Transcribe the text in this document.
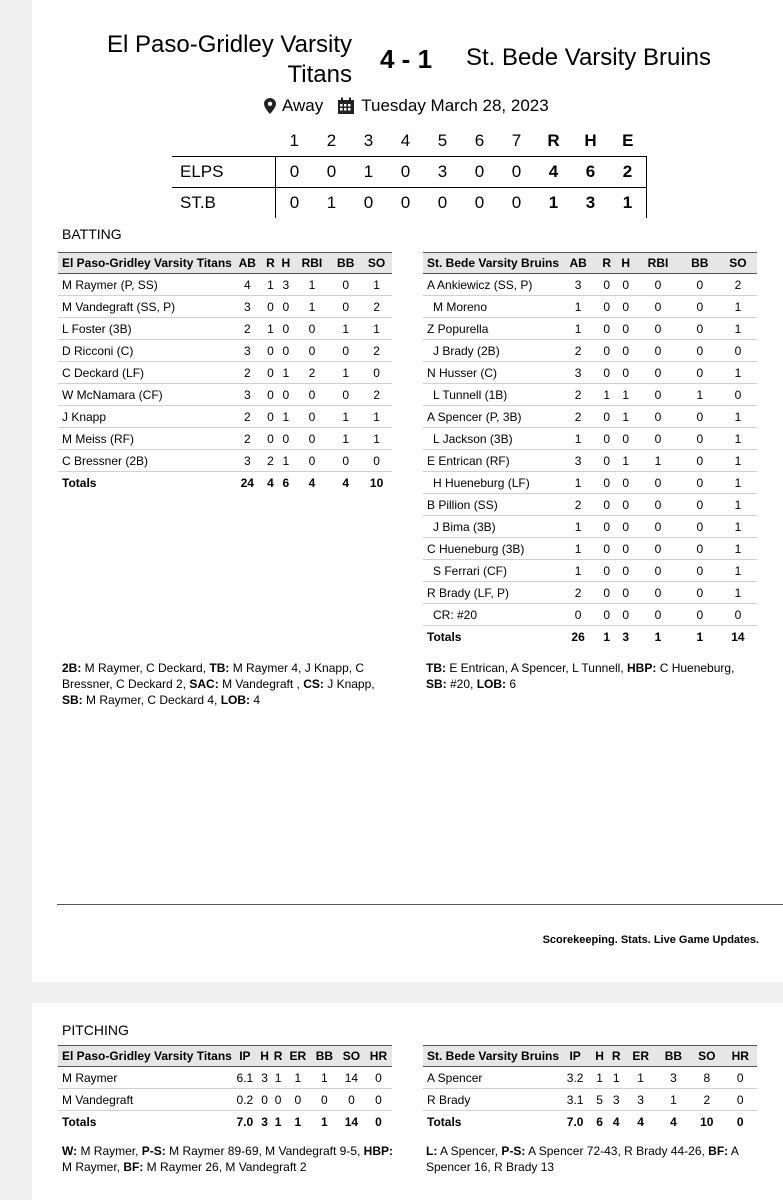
El Paso-Gridley Varsity
Titans
4 - 1 St. Bede Varsity Bruins
Away Tuesday March 28, 2023
	1	2	3	4	5	6	7	R	H	E
ELPS	0	0	1	0	3	0	0	4	6	2
ST.B	0	1	0	0	0	0	0	1	3	1
BATTING
El Paso-Gridley Varsity Titans	AB	R	H	RBI	BB	SO
M Raymer (P, SS)	4	1	3	1	0	1
M Vandegraft (SS, P)	3	0	0	1	0	2
L Foster (3B)	2	1	0	0	1	1
D Ricconi (C)	3	0	0	0	0	2
C Deckard (LF)	2	0	1	2	1	0
W McNamara (CF)	3	0	0	0	0	2
J Knapp	2	0	1	0	1	1
M Meiss (RF)	2	0	0	0	1	1
C Bressner (2B)	3	2	1	0	0	0
Totals	24	4	6	4	4	10
St. Bede Varsity Bruins	AB	R	H	RBI	BB	SO
A Ankiewicz (SS, P)	3	0	0	0	0	2
M Moreno	1	0	0	0	0	1
Z Popurella	1	0	0	0	0	1
J Brady (2B)	2	0	0	0	0	0
N Husser (C)	3	0	0	0	0	1
L Tunnell (1B)	2	1	1	0	1	0
A Spencer (P, 3B)	2	0	1	0	0	1
L Jackson (3B)	1	0	0	0	0	1
E Entrican (RF)	3	0	1	1	0	1
H Hueneburg (LF)	1	0	0	0	0	1
B Pillion (SS)	2	0	0	0	0	1
J Bima (3B)	1	0	0	0	0	1
C Hueneburg (3B)	1	0	0	0	0	1
S Ferrari (CF)	1	0	0	0	0	1
R Brady (LF, P)	2	0	0	0	0	1
CR: #20	0	0	0	0	0	0
Totals	26	1	3	1	1	14
2B: M Raymer, C Deckard, TB: M Raymer 4, J Knapp, C Bressner, C Deckard 2, SAC: M Vandegraft , CS: J Knapp, SB: M Raymer, C Deckard 4, LOB: 4
TB: E Entrican, A Spencer, L Tunnell, HBP: C Hueneburg, SB: #20, LOB: 6
Scorekeeping. Stats. Live Game Updates.
PITCHING
El Paso-Gridley Varsity Titans	IP	H	R	ER	BB	SO	HR
M Raymer	6.1	3	1	1	1	14	0
M Vandegraft	0.2	0	0	0	0	0	0
Totals	7.0	3	1	1	1	14	0
St. Bede Varsity Bruins	IP	H	R	ER	BB	SO	HR
A Spencer	3.2	1	1	1	3	8	0
R Brady	3.1	5	3	3	1	2	0
Totals	7.0	6	4	4	4	10	0
W: M Raymer, P-S: M Raymer 89-69, M Vandegraft 9-5, HBP: M Raymer, BF: M Raymer 26, M Vandegraft 2
L: A Spencer, P-S: A Spencer 72-43, R Brady 44-26, BF: A Spencer 16, R Brady 13
